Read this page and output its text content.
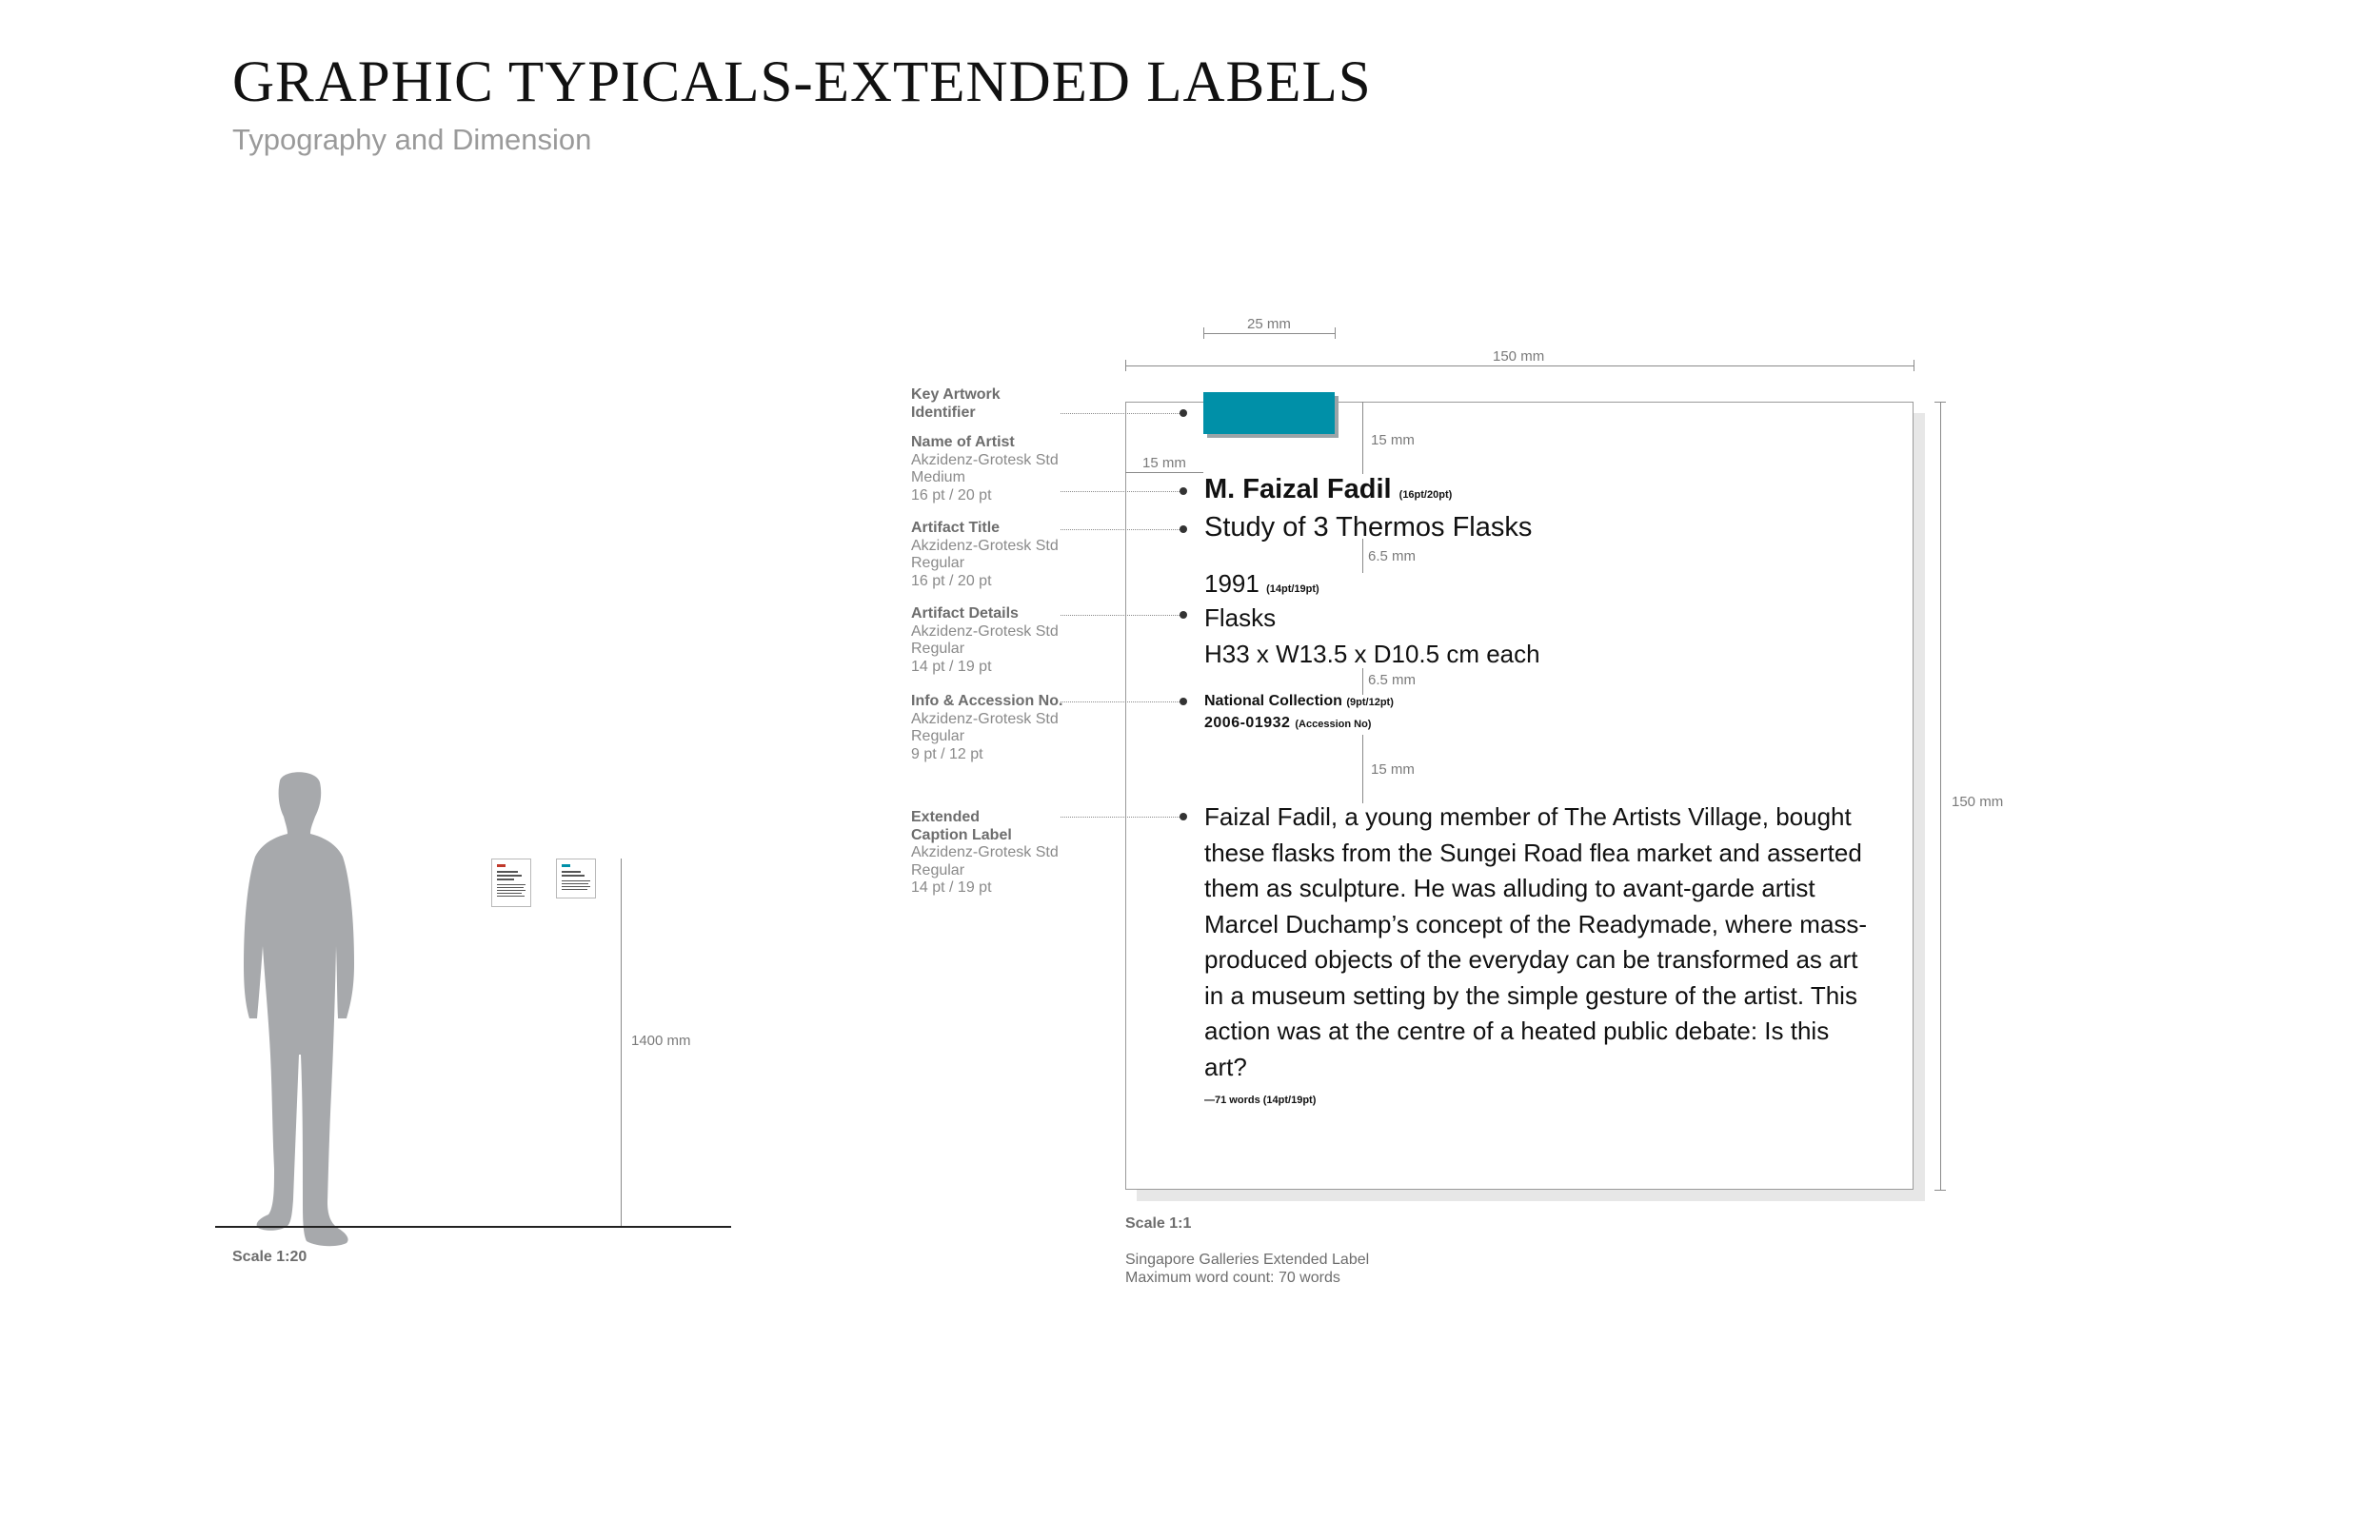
GRAPHIC TYPICALS-EXTENDED LABELS
Typography and Dimension
1400 mm
Scale 1:20
25 mm
150 mm
150 mm
15 mm
15 mm
6.5 mm
6.5 mm
15 mm
M. Faizal Fadil (16pt/20pt)
Study of 3 Thermos Flasks
1991 (14pt/19pt)
Flasks
H33 x W13.5 x D10.5 cm each
National Collection (9pt/12pt)
2006-01932 (Accession No)
Faizal Fadil, a young member of The Artists Village, bought these flasks from the Sungei Road flea market and asserted them as sculpture. He was alluding to avant-garde artist Marcel Duchamp’s concept of the Readymade, where mass-produced objects of the everyday can be transformed as art in a museum setting by the simple gesture of the artist. This action was at the centre of a heated public debate: Is this art?
—71 words (14pt/19pt)
Key Artwork
Identifier
Name of Artist
Akzidenz-Grotesk Std
Medium
16 pt / 20 pt
Artifact Title
Akzidenz-Grotesk Std
Regular
16 pt / 20 pt
Artifact Details
Akzidenz-Grotesk Std
Regular
14 pt / 19 pt
Info & Accession No.
Akzidenz-Grotesk Std
Regular
9 pt / 12 pt
Extended
Caption Label
Akzidenz-Grotesk Std
Regular
14 pt / 19 pt
Scale 1:1
Singapore Galleries Extended Label
Maximum word count: 70 words
